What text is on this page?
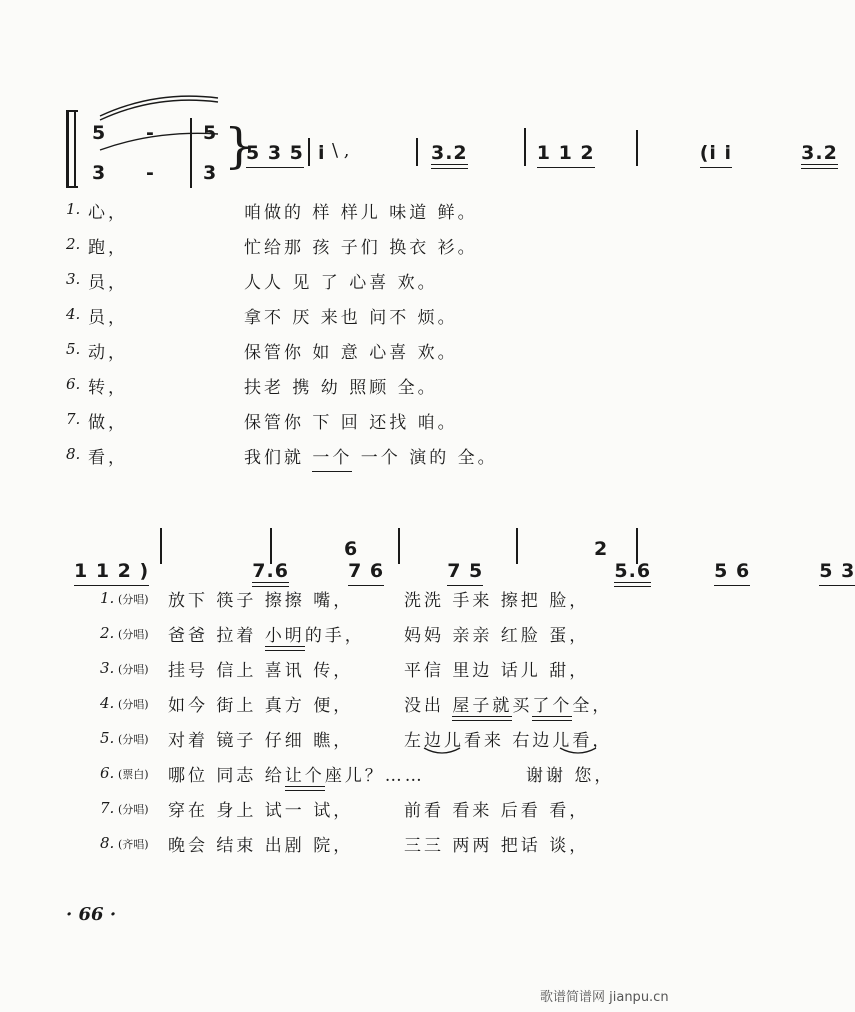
5 -	5
3 -	3 }
5 3 5 i \ ,	3.2	1 1 2	(i i	3.2
1. 心，	咱做的 样 样儿 味道 鲜。
2. 跑，	忙给那 孩 子们 换衣 衫。
3. 员，	人人 见 了 心喜 欢。
4. 员，	拿不 厌 来也 问不 烦。
5. 动，	保管你 如 意 心喜 欢。
6. 转，	扶老 携 幼 照顾 全。
7. 做，	保管你 下 回 还找 咱。
8. 看，	我们就 一个 一个 演的 全。
1 1 2 )	7.6	7 6	7 5
6
5.6	5 6	5 3
2
1. (分唱) 放下 筷子 擦擦 嘴，	洗洗 手来 擦把 脸，
2. (分唱) 爸爸 拉着 小明的手， 妈妈 亲亲 红脸 蛋，
3. (分唱) 挂号 信上 喜讯 传，	平信 里边 话儿 甜，
4. (分唱) 如今 街上 真方 便，	没出 屋子就买了个全，
5. (分唱) 对着 镜子 仔细 瞧，	左边儿看来 右边儿看，
6. (票白) 哪位 同志 给让个座儿？……	谢谢 您，
7. (分唱) 穿在 身上 试一 试，	前看 看来 后看 看，
8. (齐唱) 晚会 结束 出剧 院，	三三 两两 把话 谈，
· 66 ·
歌谱简谱网 jianpu.cn
